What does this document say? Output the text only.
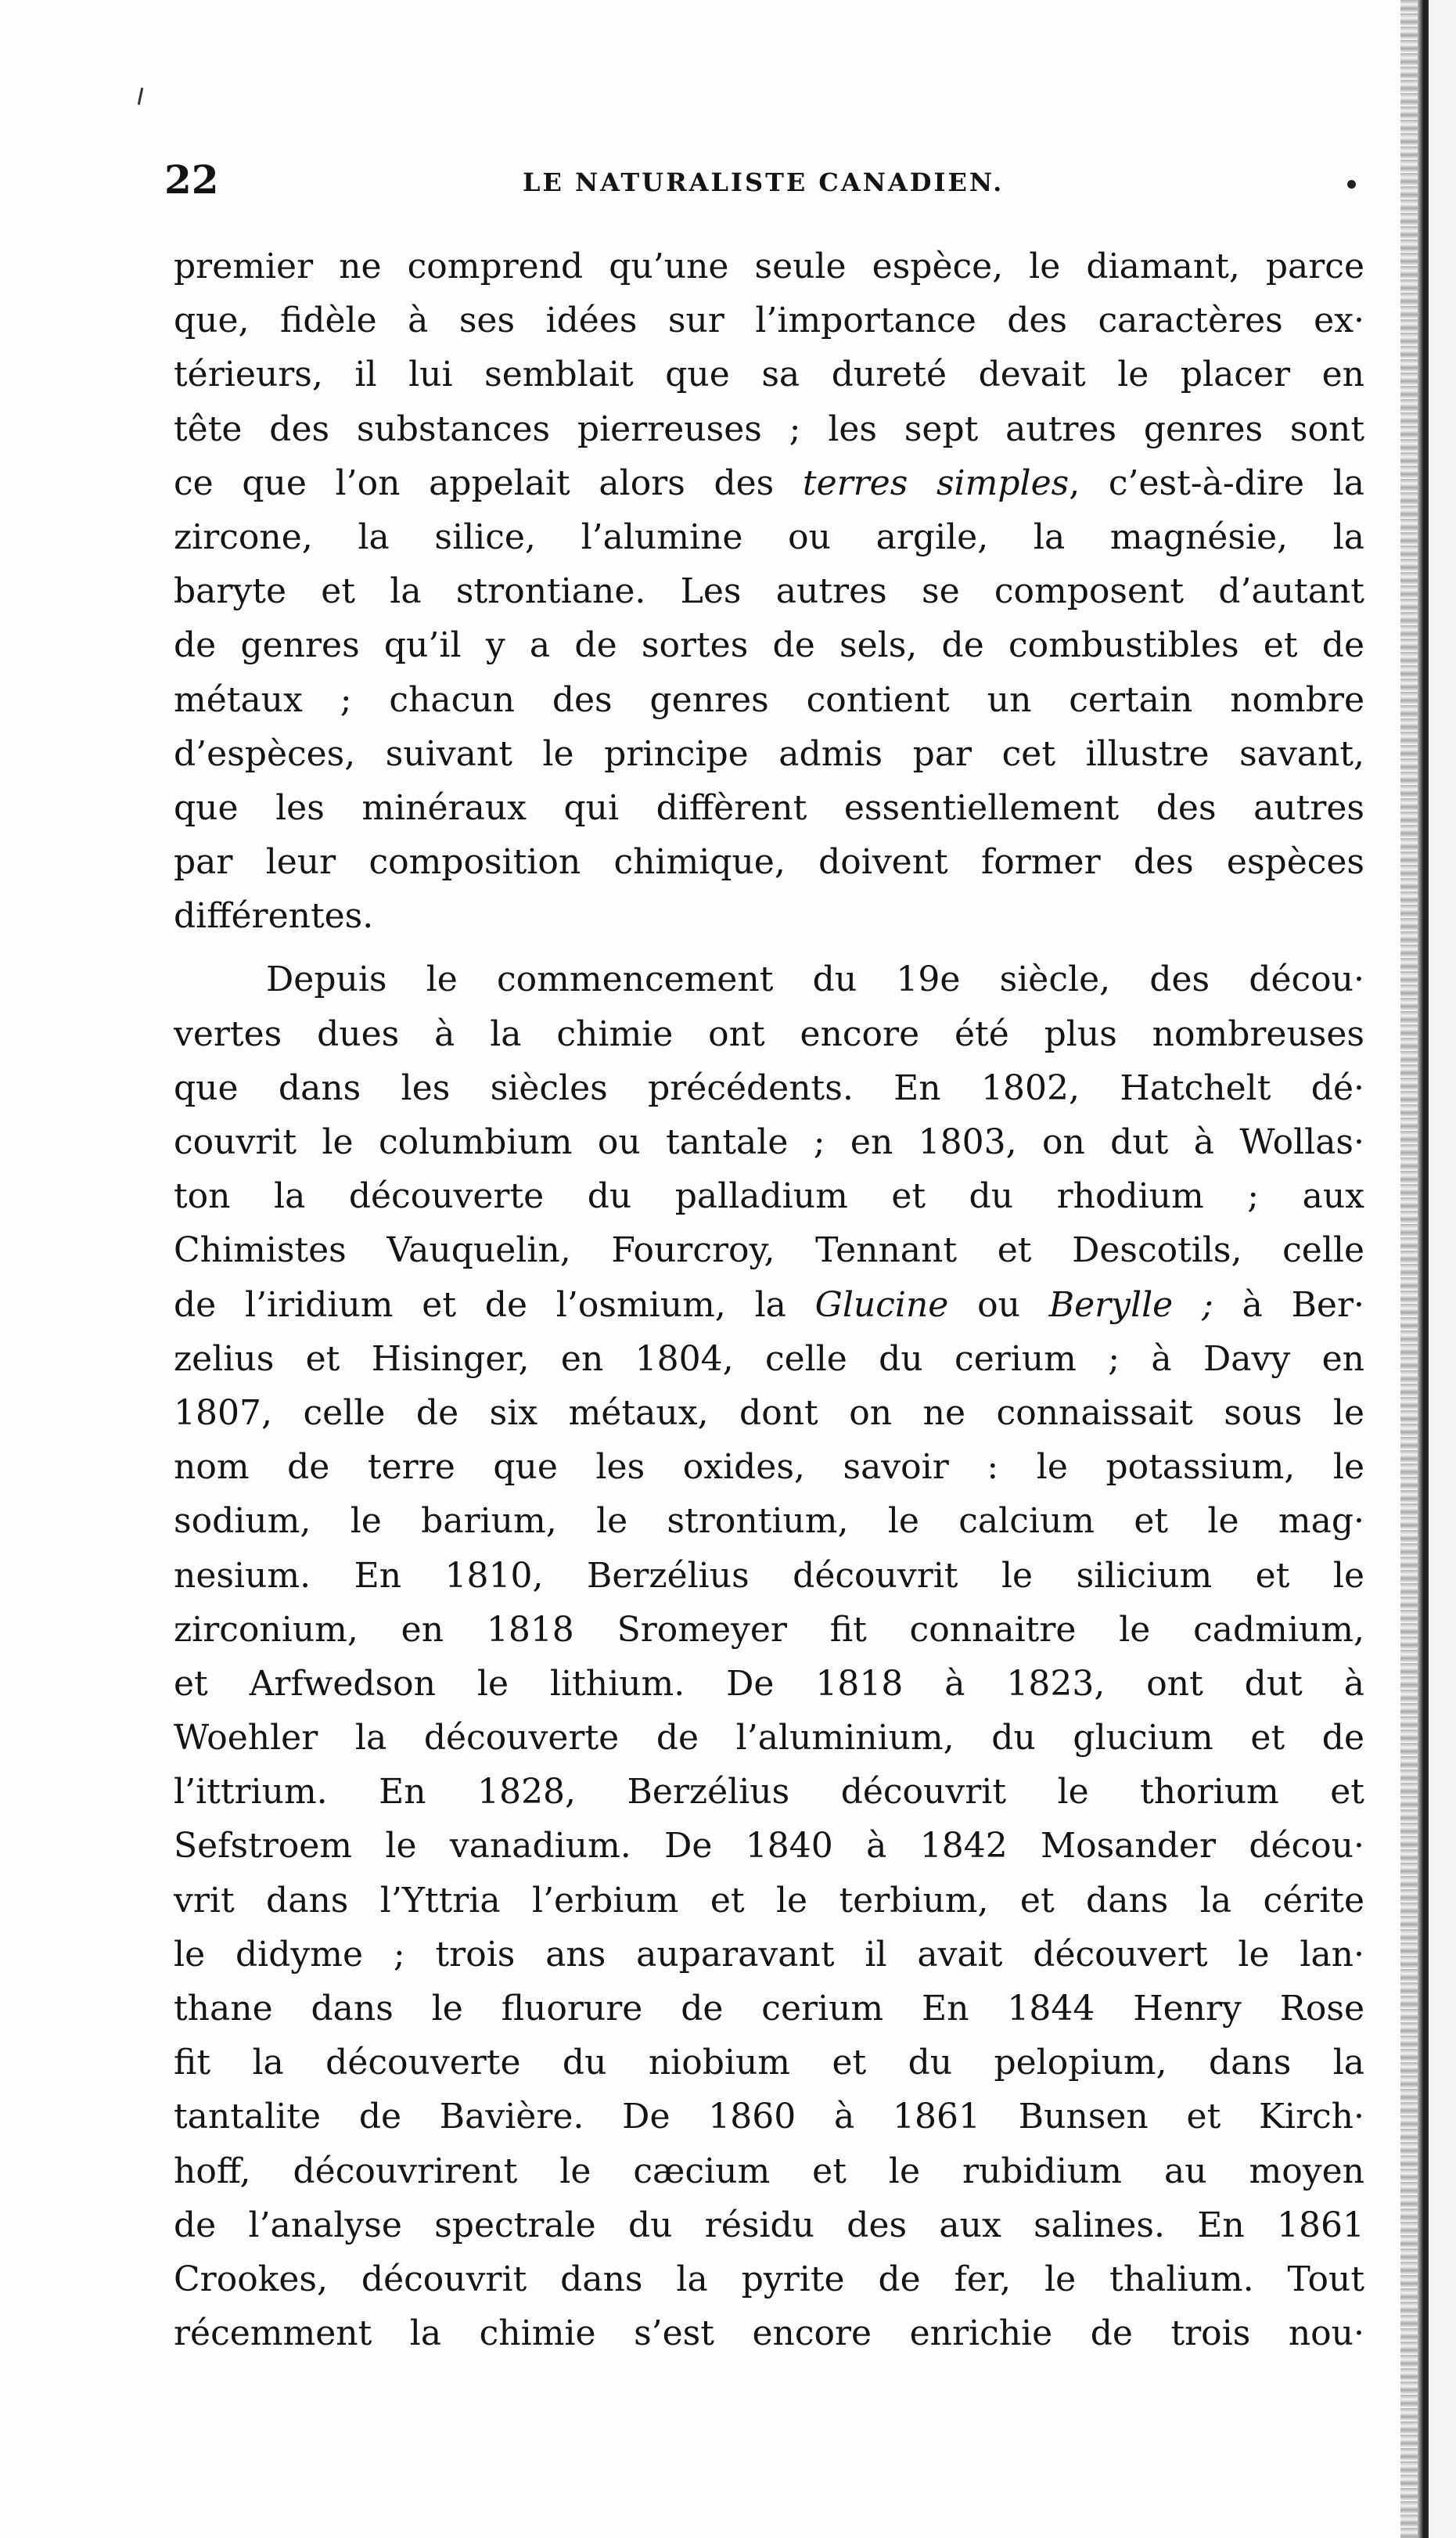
22	LE NATURALISTE CANADIEN.
premier ne comprend qu’une seule espèce, le diamant, parce
que, fidèle à ses idées sur l’importance des caractères ex·
térieurs, il lui semblait que sa dureté devait le placer en
tête des substances pierreuses ; les sept autres genres sont
ce que l’on appelait alors des terres simples, c’est-à-dire la
zircone, la silice, l’alumine ou argile, la magnésie, la
baryte et la strontiane. Les autres se composent d’autant
de genres qu’il y a de sortes de sels, de combustibles et de
métaux ; chacun des genres contient un certain nombre
d’espèces, suivant le principe admis par cet illustre savant,
que les minéraux qui diffèrent essentiellement des autres
par leur composition chimique, doivent former des espèces
différentes.
Depuis le commencement du 19e siècle, des décou·
vertes dues à la chimie ont encore été plus nombreuses
que dans les siècles précédents. En 1802, Hatchelt dé·
couvrit le columbium ou tantale ; en 1803, on dut à Wollas·
ton la découverte du palladium et du rhodium ; aux
Chimistes Vauquelin, Fourcroy, Tennant et Descotils, celle
de l’iridium et de l’osmium, la Glucine ou Berylle ; à Ber·
zelius et Hisinger, en 1804, celle du cerium ; à Davy en
1807, celle de six métaux, dont on ne connaissait sous le
nom de terre que les oxides, savoir : le potassium, le
sodium, le barium, le strontium, le calcium et le mag·
nesium. En 1810, Berzélius découvrit le silicium et le
zirconium, en 1818 Sromeyer fit connaitre le cadmium,
et Arfwedson le lithium. De 1818 à 1823, ont dut à
Woehler la découverte de l’aluminium, du glucium et de
l’ittrium. En 1828, Berzélius découvrit le thorium et
Sefstroem le vanadium. De 1840 à 1842 Mosander décou·
vrit dans l’Yttria l’erbium et le terbium, et dans la cérite
le didyme ; trois ans auparavant il avait découvert le lan·
thane dans le fluorure de cerium En 1844 Henry Rose
fit la découverte du niobium et du pelopium, dans la
tantalite de Bavière. De 1860 à 1861 Bunsen et Kirch·
hoff, découvrirent le cæcium et le rubidium au moyen
de l’analyse spectrale du résidu des aux salines. En 1861
Crookes, découvrit dans la pyrite de fer, le thalium. Tout
récemment la chimie s’est encore enrichie de trois nou·
